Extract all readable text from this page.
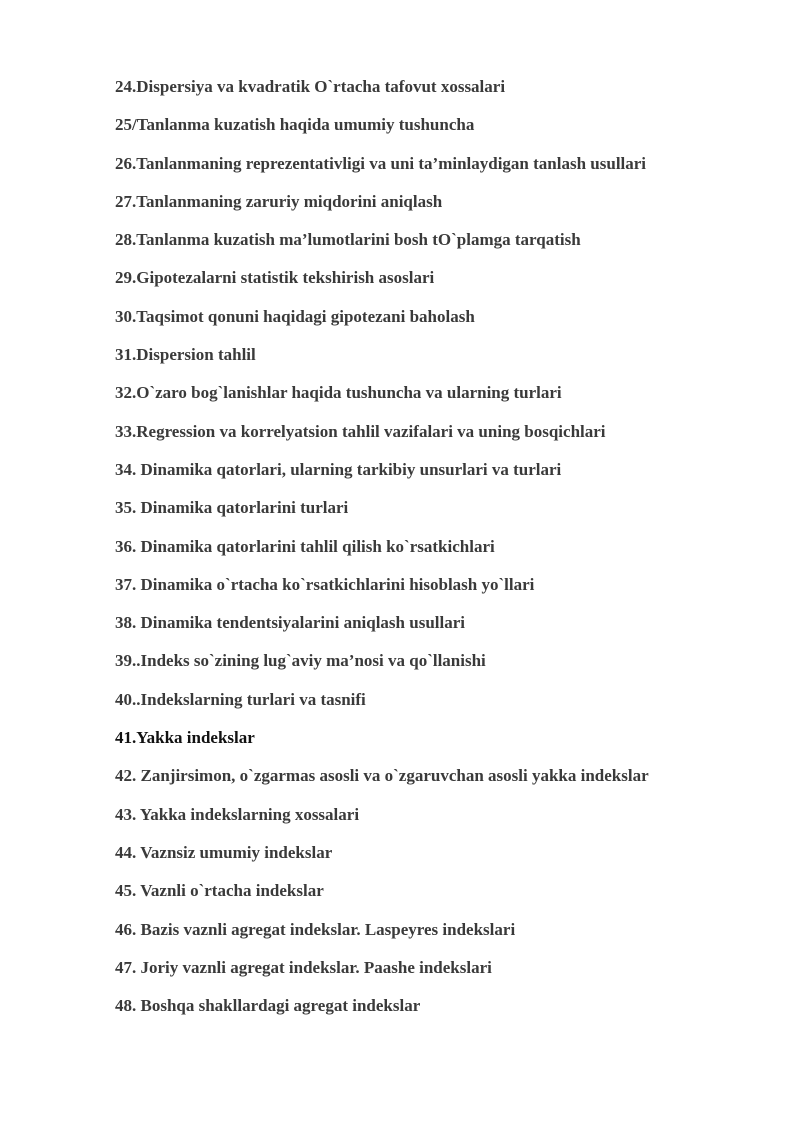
24.Dispersiya va kvadratik O`rtacha tafovut xossalari
25/Tanlanma kuzatish haqida umumiy tushuncha
26.Tanlanmaning reprezentativligi va uni ta’minlaydigan tanlash usullari
27.Tanlanmaning zaruriy miqdorini aniqlash
28.Tanlanma kuzatish ma’lumotlarini bosh tO`plamga tarqatish
29.Gipotezalarni statistik tekshirish asoslari
30.Taqsimot qonuni haqidagi gipotezani baholash
31.Dispersion tahlil
32.O`zaro bog`lanishlar haqida tushuncha va ularning turlari
33.Regression va korrelyatsion tahlil vazifalari va uning bosqichlari
34. Dinamika qatorlari, ularning tarkibiy unsurlari va turlari
35. Dinamika qatorlarini turlari
36. Dinamika qatorlarini tahlil qilish ko`rsatkichlari
37. Dinamika o`rtacha ko`rsatkichlarini hisoblash yo`llari
38. Dinamika tendentsiyalarini aniqlash usullari
39..Indeks so`zining lug`aviy ma’nosi va qo`llanishi
40..Indekslarning turlari va tasnifi
41.Yakka indekslar
42. Zanjirsimon, o`zgarmas asosli va o`zgaruvchan asosli yakka indekslar
43. Yakka indekslarning xossalari
44. Vaznsiz umumiy indekslar
45. Vaznli o`rtacha indekslar
46. Bazis vaznli agregat indekslar. Laspeyres indekslari
47. Joriy vaznli agregat indekslar. Paashe indekslari
48. Boshqa shakllardagi agregat indekslar
